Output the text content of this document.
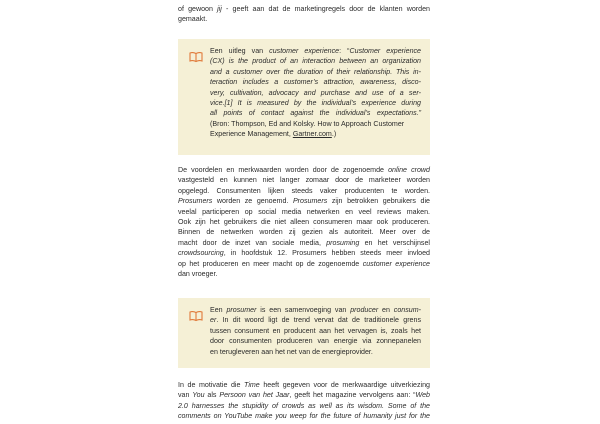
of gewoon jij - geeft aan dat de marketingregels door de klanten worden
gemaakt.
Een uitleg van customer experience: “Customer experience
(CX) is the product of an interaction between an organization
and a customer over the duration of their relationship. This in-
teraction includes a customer’s attraction, awareness, disco-
very, cultivation, advocacy and purchase and use of a ser-
vice.[1] It is measured by the individual’s experience during
all points of contact against the individual’s expectations.”
(Bron: Thompson, Ed and Kolsky. How to Approach Customer
Experience Management, Gartner.com.)
De voordelen en merkwaarden worden door de zogenoemde online crowd
vastgesteld en kunnen niet langer zomaar door de marketeer worden
opgelegd. Consumenten lijken steeds vaker producenten te worden.
Prosumers worden ze genoemd. Prosumers zijn betrokken gebruikers die
veelal participeren op social media netwerken en veel reviews maken.
Ook zijn het gebruikers die niet alleen consumeren maar ook produceren.
Binnen de netwerken worden zij gezien als autoriteit. Meer over de
macht door de inzet van sociale media, prosuming en het verschijnsel
crowdsourcing, in hoofdstuk 12. Prosumers hebben steeds meer invloed
op het produceren en meer macht op de zogenoemde customer experience
dan vroeger.
Een prosumer is een samenvoeging van producer en consum-
er. In dit woord ligt de trend vervat dat de traditionele grens
tussen consument en producent aan het vervagen is, zoals het
door consumenten produceren van energie via zonnepanelen
en terugleveren aan het net van de energieprovider.
In de motivatie die Time heeft gegeven voor de merkwaardige uitverkiezing
van You als Persoon van het Jaar, geeft het magazine vervolgens aan: “Web
2.0 harnesses the stupidity of crowds as well as its wisdom. Some of the
comments on YouTube make you weep for the future of humanity just for the
